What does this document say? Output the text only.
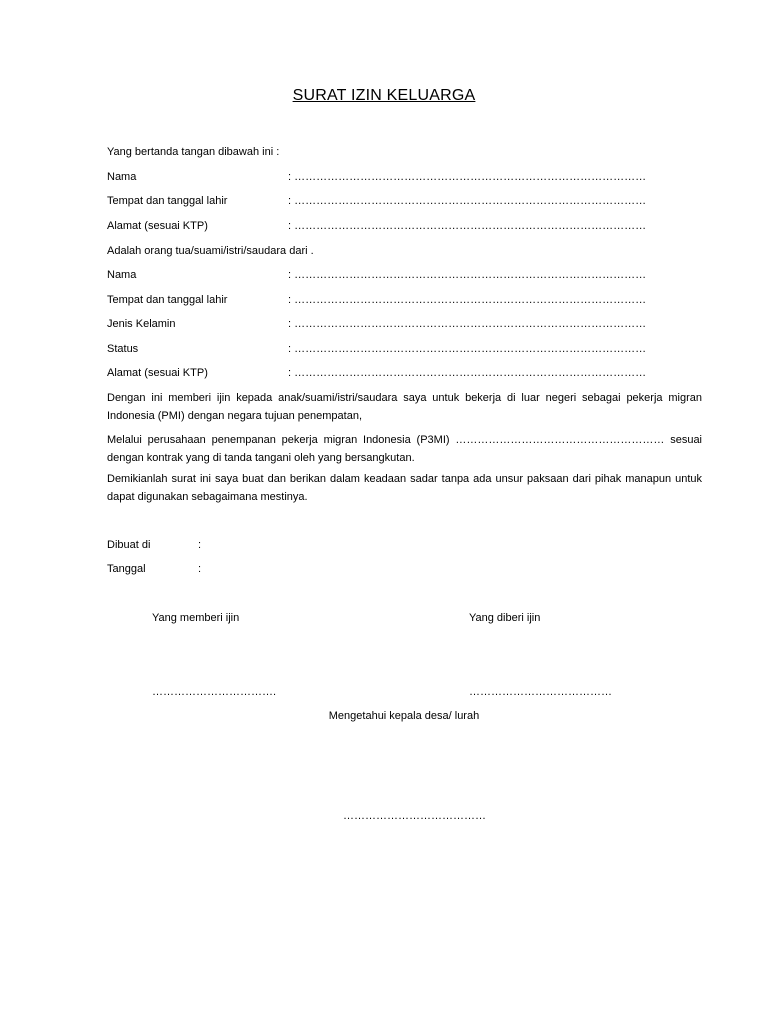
SURAT IZIN KELUARGA
Yang bertanda tangan dibawah ini :
Nama	: ……………………………………………………………………………………
Tempat dan tanggal lahir	: ……………………………………………………………………………………
Alamat (sesuai KTP)	: ……………………………………………………………………………………
Adalah orang tua/suami/istri/saudara dari .
Nama	: ……………………………………………………………………………………
Tempat dan tanggal lahir	: ……………………………………………………………………………………
Jenis Kelamin	: ……………………………………………………………………………………
Status	: ……………………………………………………………………………………
Alamat (sesuai KTP)	: ……………………………………………………………………………………
Dengan ini memberi ijin kepada anak/suami/istri/saudara saya untuk bekerja di luar negeri sebagai pekerja migran Indonesia (PMI) dengan negara tujuan penempatan,
Melalui perusahaan penempanan pekerja migran Indonesia (P3MI) ………………………………………………… sesuai dengan kontrak yang di tanda tangani oleh yang bersangkutan.
Demikianlah surat ini saya buat dan berikan dalam keadaan sadar tanpa ada unsur paksaan dari pihak manapun untuk dapat digunakan sebagaimana mestinya.
Dibuat di	:
Tanggal	:
Yang memberi ijin	Yang diberi ijin
…………………………….	…………………………………
Mengetahui kepala desa/ lurah
…………………………………
